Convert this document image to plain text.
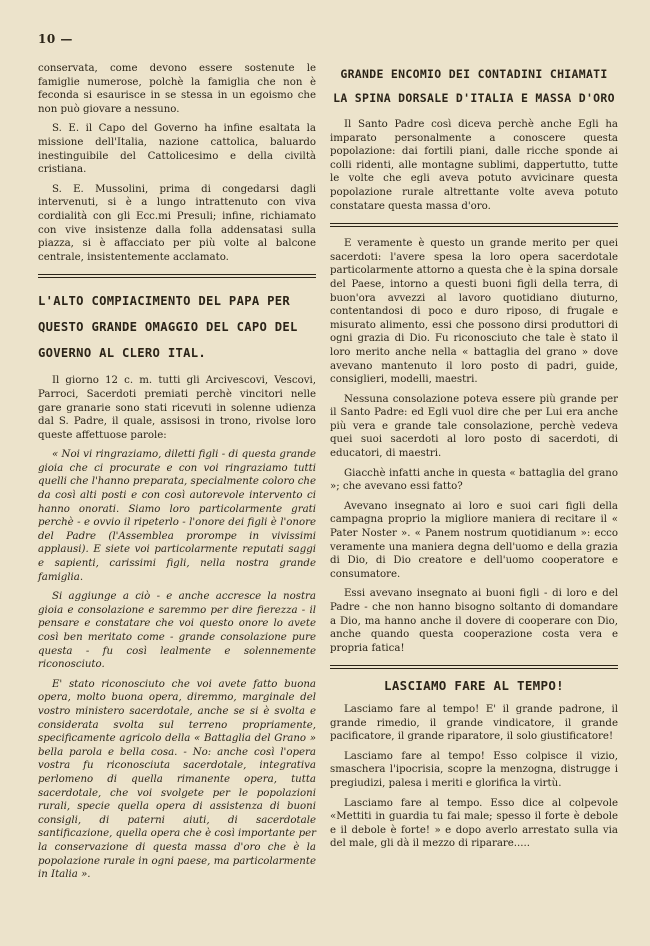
10 —

conservata, come devono essere sostenute le famiglie numerose, polchè la famiglia che non è feconda si esaurisce in se stessa in un egoismo che non può giovare a nessuno.

S. E. il Capo del Governo ha infine esaltata la missione dell'Italia, nazione cattolica, baluardo inestinguibile del Cattolicesimo e della civiltà cristiana.

S. E. Mussolini, prima di congedarsi dagli intervenuti, si è a lungo intrattenuto con viva cordialità con gli Ecc.mi Presuli; infine, richiamato con vive insistenze dalla folla addensatasi sulla piazza, si è affacciato per più volte al balcone centrale, insistentemente acclamato.

L'ALTO COMPIACIMENTO DEL PAPA PER QUESTO GRANDE OMAGGIO DEL CAPO DEL GOVERNO AL CLERO ITAL.

Il giorno 12 c. m. tutti gli Arcivescovi, Vescovi, Parroci, Sacerdoti premiati perchè vincitori nelle gare granarie sono stati ricevuti in solenne udienza dal S. Padre, il quale, assisosi in trono, rivolse loro queste affettuose parole:

« Noi vi ringraziamo, diletti figli - di questa grande gioia che ci procurate e con voi ringraziamo tutti quelli che l'hanno preparata, specialmente coloro che da così alti posti e con così autorevole intervento ci hanno onorati. Siamo loro particolarmente grati perchè - e ovvio il ripeterlo - l'onore dei figli è l'onore del Padre (l'Assemblea prorompe in vivissimi applausi). E siete voi particolarmente reputati saggi e sapienti, carissimi figli, nella nostra grande famiglia.

Si aggiunge a ciò - e anche accresce la nostra gioia e consolazione e saremmo per dire fierezza - il pensare e constatare che voi questo onore lo avete così ben meritato come - grande consolazione pure questa - fu così lealmente e solennemente riconosciuto.

E' stato riconosciuto che voi avete fatto buona opera, molto buona opera, diremmo, marginale del vostro ministero sacerdotale, anche se si è svolta e considerata svolta sul terreno propriamente, specificamente agricolo della « Battaglia del Grano » bella parola e bella cosa. - No: anche così l'opera vostra fu riconosciuta sacerdotale, integrativa perlomeno di quella rimanente opera, tutta sacerdotale, che voi svolgete per le popolazioni rurali, specie quella opera di assistenza di buoni consigli, di paterni aiuti, di sacerdotale santificazione, quella opera che è così importante per la conservazione di questa massa d'oro che è la popolazione rurale in ogni paese, ma particolarmente in Italia ».

GRANDE ENCOMIO DEI CONTADINI CHIAMATI LA SPINA DORSALE D'ITALIA E MASSA D'ORO

Il Santo Padre così diceva perchè anche Egli ha imparato personalmente a conoscere questa popolazione: dai fortili piani, dalle ricche sponde ai colli ridenti, alle montagne sublimi, dappertutto, tutte le volte che egli aveva potuto avvicinare questa popolazione rurale altrettante volte aveva potuto constatare questa massa d'oro.

E veramente è questo un grande merito per quei sacerdoti: l'avere spesa la loro opera sacerdotale particolarmente attorno a questa che è la spina dorsale del Paese, intorno a questi buoni figli della terra, di buon'ora avvezzi al lavoro quotidiano diuturno, contentandosi di poco e duro riposo, di frugale e misurato alimento, essi che possono dirsi produttori di ogni grazia di Dio. Fu riconosciuto che tale è stato il loro merito anche nella « battaglia del grano » dove avevano mantenuto il loro posto di padri, guide, consiglieri, modelli, maestri.

Nessuna consolazione poteva essere più grande per il Santo Padre: ed Egli vuol dire che per Lui era anche più vera e grande tale consolazione, perchè vedeva quei suoi sacerdoti al loro posto di sacerdoti, di educatori, di maestri.

Giacchè infatti anche in questa « battaglia del grano »; che avevano essi fatto?

Avevano insegnato ai loro e suoi cari figli della campagna proprio la migliore maniera di recitare il « Pater Noster ». « Panem nostrum quotidianum »: ecco veramente una maniera degna dell'uomo e della grazia di Dio, di Dio creatore e dell'uomo cooperatore e consumatore.

Essi avevano insegnato ai buoni figli - di loro e del Padre - che non hanno bisogno soltanto di domandare a Dio, ma hanno anche il dovere di cooperare con Dio, anche quando questa cooperazione costa vera e propria fatica!

LASCIAMO FARE AL TEMPO!

Lasciamo fare al tempo! E' il grande padrone, il grande rimedio, il grande vindicatore, il grande pacificatore, il grande riparatore, il solo giustificatore!

Lasciamo fare al tempo! Esso colpisce il vizio, smaschera l'ipocrisia, scopre la menzogna, distrugge i pregiudizi, palesa i meriti e glorifica la virtù.

Lasciamo fare al tempo. Esso dice al colpevole «Mettiti in guardia tu fai male; spesso il forte è debole e il debole è forte! » e dopo averlo arrestato sulla via del male, gli dà il mezzo di riparare.....
